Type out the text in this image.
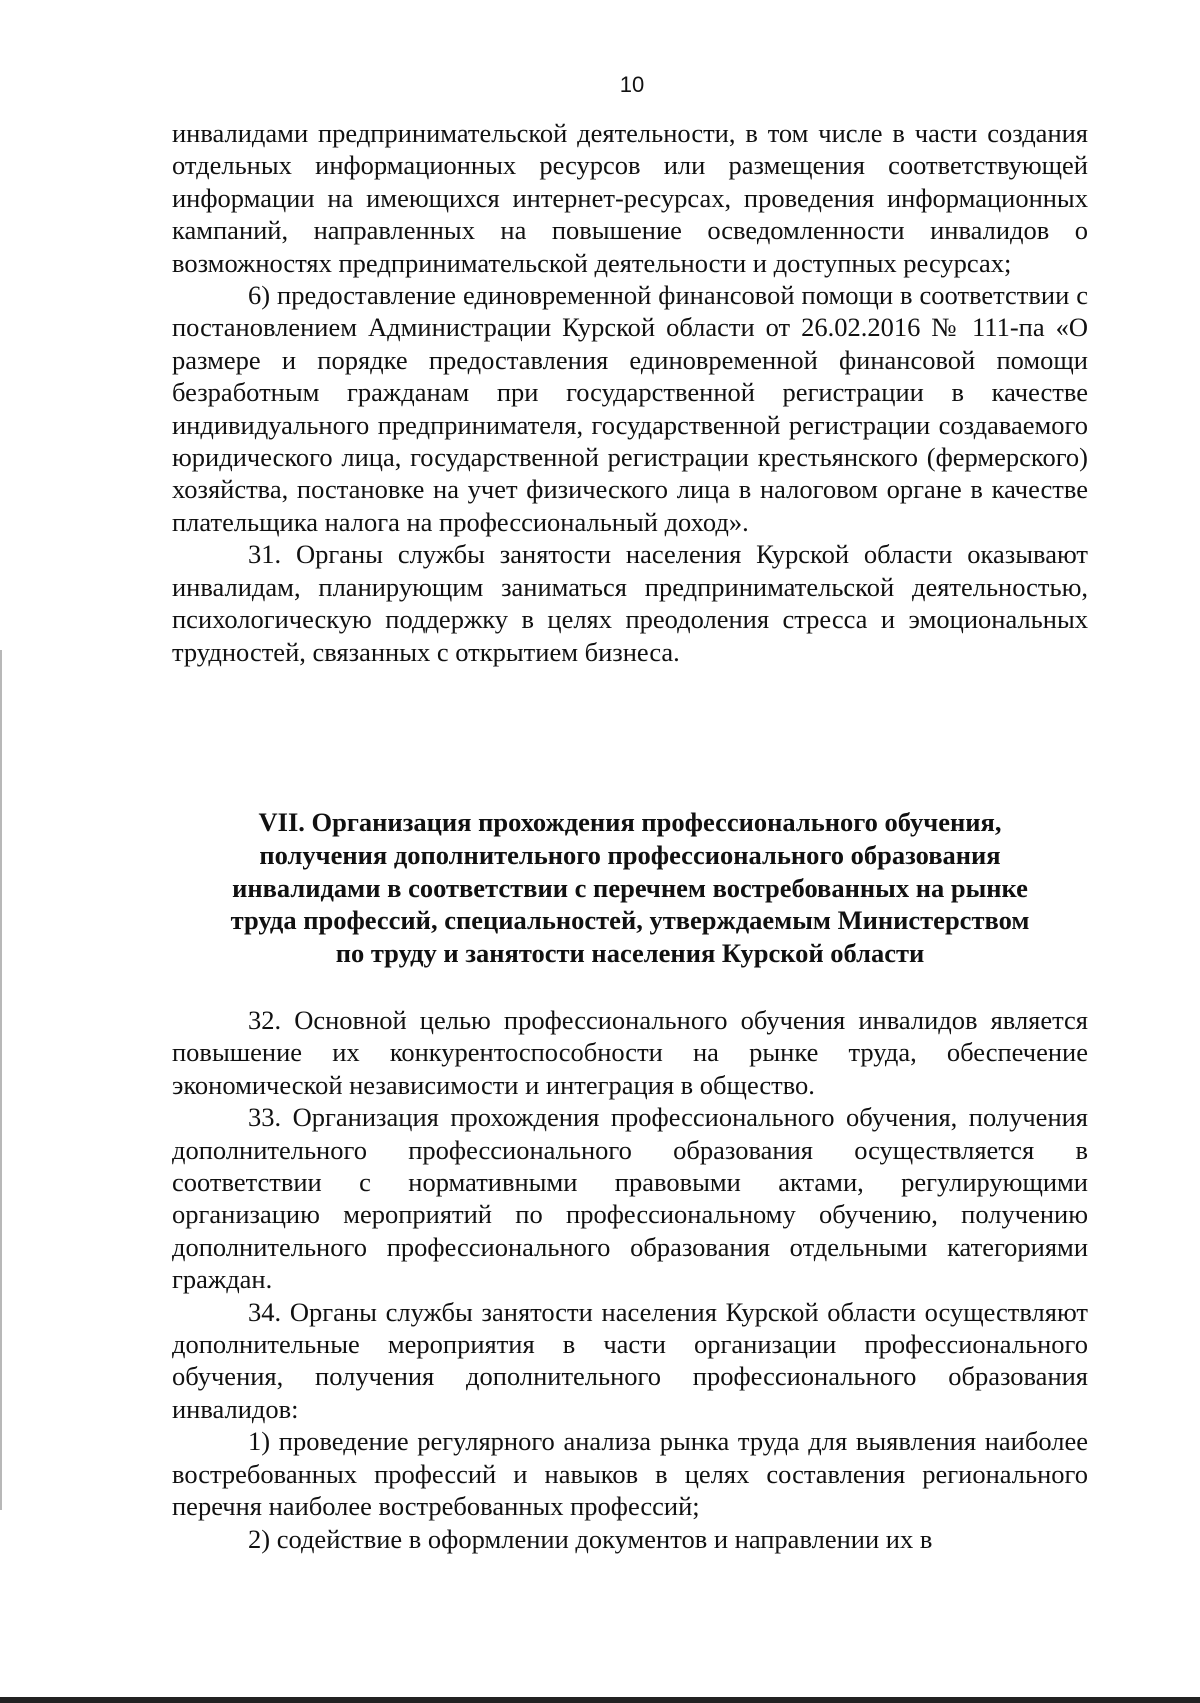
10

инвалидами предпринимательской деятельности, в том числе в части создания отдельных информационных ресурсов или размещения соответствующей информации на имеющихся интернет-ресурсах, проведения информационных кампаний, направленных на повышение осведомленности инвалидов о возможностях предпринимательской деятельности и доступных ресурсах;

6) предоставление единовременной финансовой помощи в соответствии с постановлением Администрации Курской области от 26.02.2016 № 111-па «О размере и порядке предоставления единовременной финансовой помощи безработным гражданам при государственной регистрации в качестве индивидуального предпринимателя, государственной регистрации создаваемого юридического лица, государственной регистрации крестьянского (фермерского) хозяйства, постановке на учет физического лица в налоговом органе в качестве плательщика налога на профессиональный доход».

31. Органы службы занятости населения Курской области оказывают инвалидам, планирующим заниматься предпринимательской деятельностью, психологическую поддержку в целях преодоления стресса и эмоциональных трудностей, связанных с открытием бизнеса.

VII. Организация прохождения профессионального обучения,
получения дополнительного профессионального образования
инвалидами в соответствии с перечнем востребованных на рынке
труда профессий, специальностей, утверждаемым Министерством
по труду и занятости населения Курской области

32. Основной целью профессионального обучения инвалидов является повышение их конкурентоспособности на рынке труда, обеспечение экономической независимости и интеграция в общество.

33. Организация прохождения профессионального обучения, получения дополнительного профессионального образования осуществляется в соответствии с нормативными правовыми актами, регулирующими организацию мероприятий по профессиональному обучению, получению дополнительного профессионального образования отдельными категориями граждан.

34. Органы службы занятости населения Курской области осуществляют дополнительные мероприятия в части организации профессионального обучения, получения дополнительного профессионального образования инвалидов:

1) проведение регулярного анализа рынка труда для выявления наиболее востребованных профессий и навыков в целях составления регионального перечня наиболее востребованных профессий;

2) содействие в оформлении документов и направлении их в
